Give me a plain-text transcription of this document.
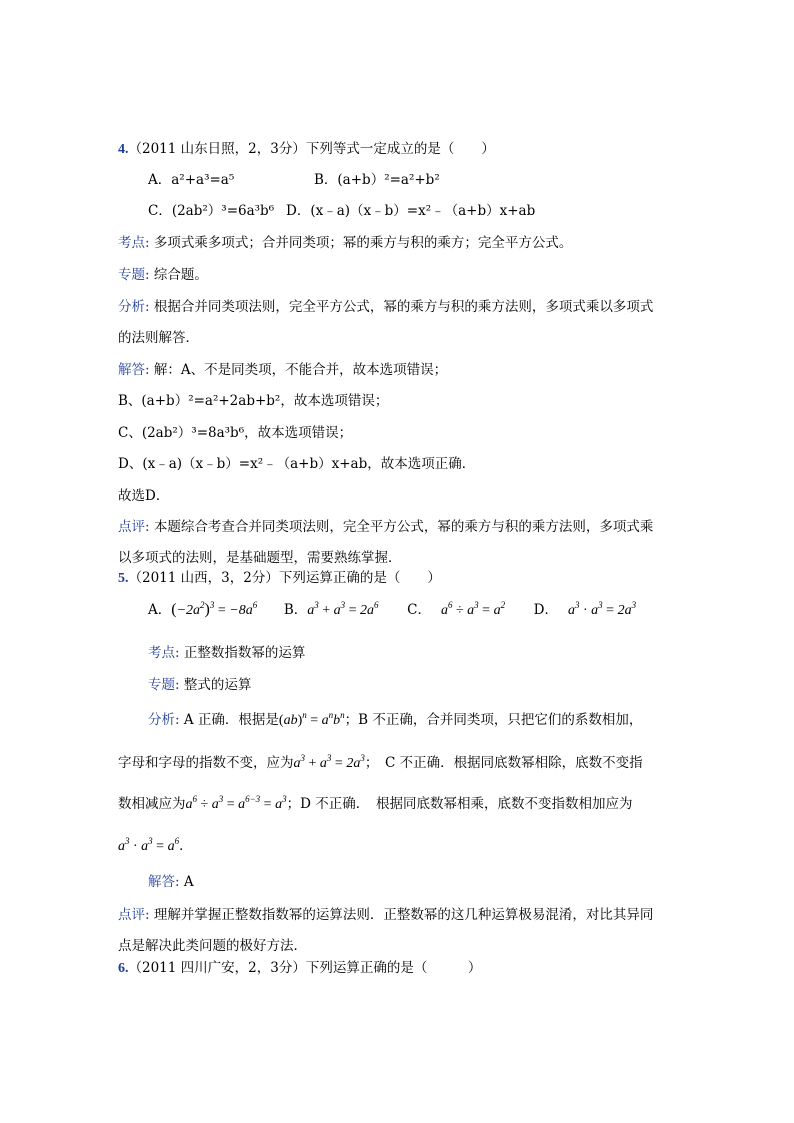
4.（2011 山东日照，2，3分）下列等式一定成立的是（　　）
A．a²+a³=a⁵	B．(a+b）²=a²+b²
C．(2ab²）³=6a³b⁶ D．(x﹣a)（x﹣b）=x²﹣（a+b）x+ab
考点: 多项式乘多项式；合并同类项；幂的乘方与积的乘方；完全平方公式。
专题: 综合题。
分析: 根据合并同类项法则，完全平方公式，幂的乘方与积的乘方法则，多项式乘以多项式
的法则解答．
解答: 解：A、不是同类项，不能合并，故本选项错误；
B、(a+b）²=a²+2ab+b²，故本选项错误；
C、(2ab²）³=8a³b⁶，故本选项错误；
D、(x﹣a)（x﹣b）=x²﹣（a+b）x+ab，故本选项正确．
故选D．
点评: 本题综合考查合并同类项法则，完全平方公式，幂的乘方与积的乘方法则，多项式乘
以多项式的法则，是基础题型，需要熟练掌握．
5.（2011 山西，3，2分）下列运算正确的是（　　）
A．$(-2a^2)^3 = -8a^6$ B．$a^3 + a^3 = 2a^6$ C． $a^6 \div a^3 = a^2$ D． $a^3 \cdot a^3 = 2a^3$
考点: 正整数指数幂的运算
专题: 整式的运算
分析: A 正确．根据是$(ab)^n = a^nb^n$；B 不正确，合并同类项，只把它们的系数相加，
字母和字母的指数不变，应为$a^3 + a^3 = 2a^3$；　C 不正确．根据同底数幂相除，底数不变指
数相减应为$a^6 \div a^3 = a^{6-3} = a^3$；D 不正确．　根据同底数幂相乘，底数不变指数相加应为
$a^3 \cdot a^3 = a^6$．
解答: A
点评: 理解并掌握正整数指数幂的运算法则．正整数幂的这几种运算极易混淆，对比其异同
点是解决此类问题的极好方法．
6.（2011 四川广安，2，3分）下列运算正确的是（　　　）
